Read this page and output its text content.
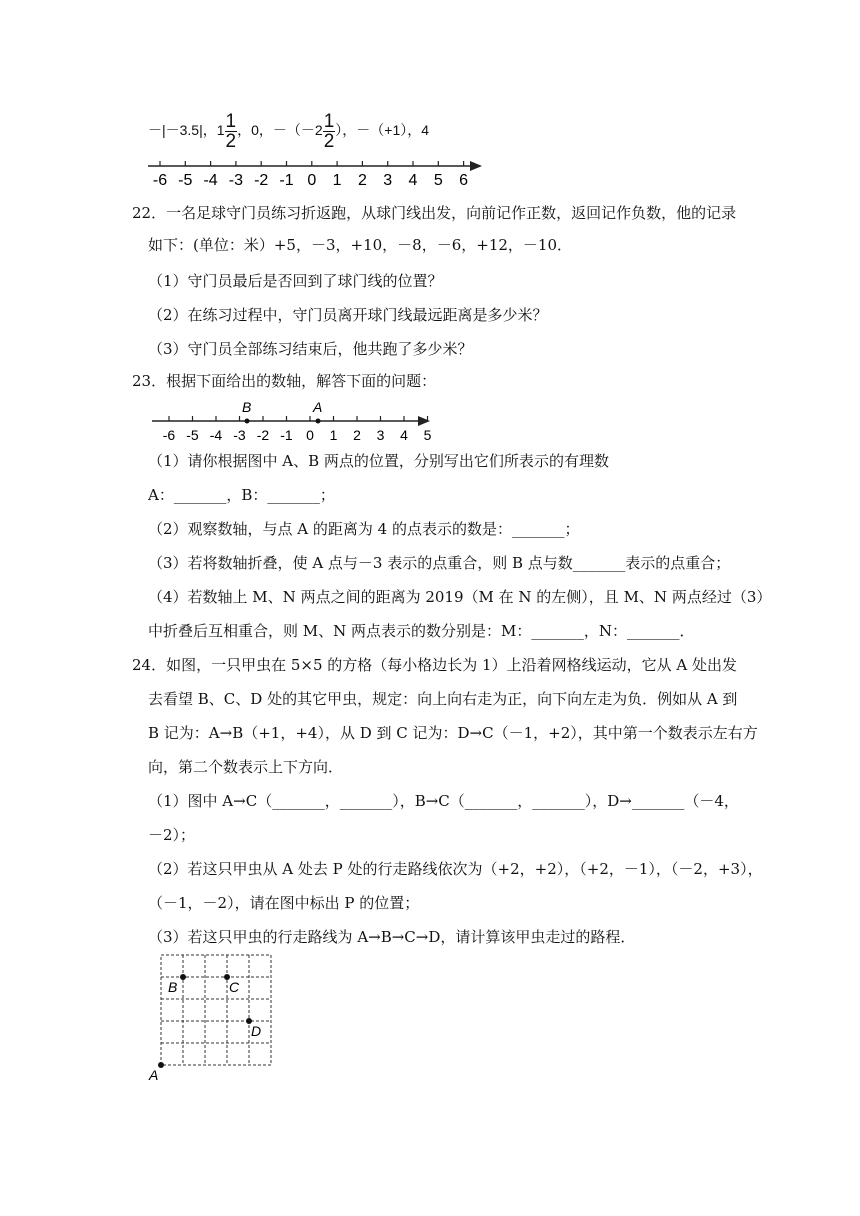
－|－3.5|，$1 \frac{1}{2}$ ，0，$-(-2 \frac{1}{2}$ ），－（+1），4
-6 -5 -4 -3 -2 -1 0 1 2 3 4 5 6
22．一名足球守门员练习折返跑，从球门线出发，向前记作正数，返回记作负数，他的记录
如下：(单位：米）+5，－3，+10，－8，－6，+12，－10．
（1）守门员最后是否回到了球门线的位置？
（2）在练习过程中，守门员离开球门线最远距离是多少米？
（3）守门员全部练习结束后，他共跑了多少米？
23．根据下面给出的数轴，解答下面的问题：
B	A
-6 -5 -4 -3 -2 -1 0 1 2 3 4 5
（1）请你根据图中 A、B 两点的位置，分别写出它们所表示的有理数
A：_______，B：_______；
（2）观察数轴，与点 A 的距离为 4 的点表示的数是：_______；
（3）若将数轴折叠，使 A 点与－3 表示的点重合，则 B 点与数_______表示的点重合；
（4）若数轴上 M、N 两点之间的距离为 2019（M 在 N 的左侧），且 M、N 两点经过（3）
中折叠后互相重合，则 M、N 两点表示的数分别是：M：_______，N：_______．
24．如图，一只甲虫在 5×5 的方格（每小格边长为 1）上沿着网格线运动，它从 A 处出发
去看望 B、C、D 处的其它甲虫，规定：向上向右走为正，向下向左走为负．例如从 A 到
B 记为：A→B（+1，+4），从 D 到 C 记为：D→C（－1，+2），其中第一个数表示左右方
向，第二个数表示上下方向．
（1）图中 A→C（_______，_______），B→C（_______，_______），D→_______（－4，
－2）；
（2）若这只甲虫从 A 处去 P 处的行走路线依次为（+2，+2），（+2，－1），（－2，+3），
（－1，－2），请在图中标出 P 的位置；
（3）若这只甲虫的行走路线为 A→B→C→D，请计算该甲虫走过的路程．
A
B	C
D
